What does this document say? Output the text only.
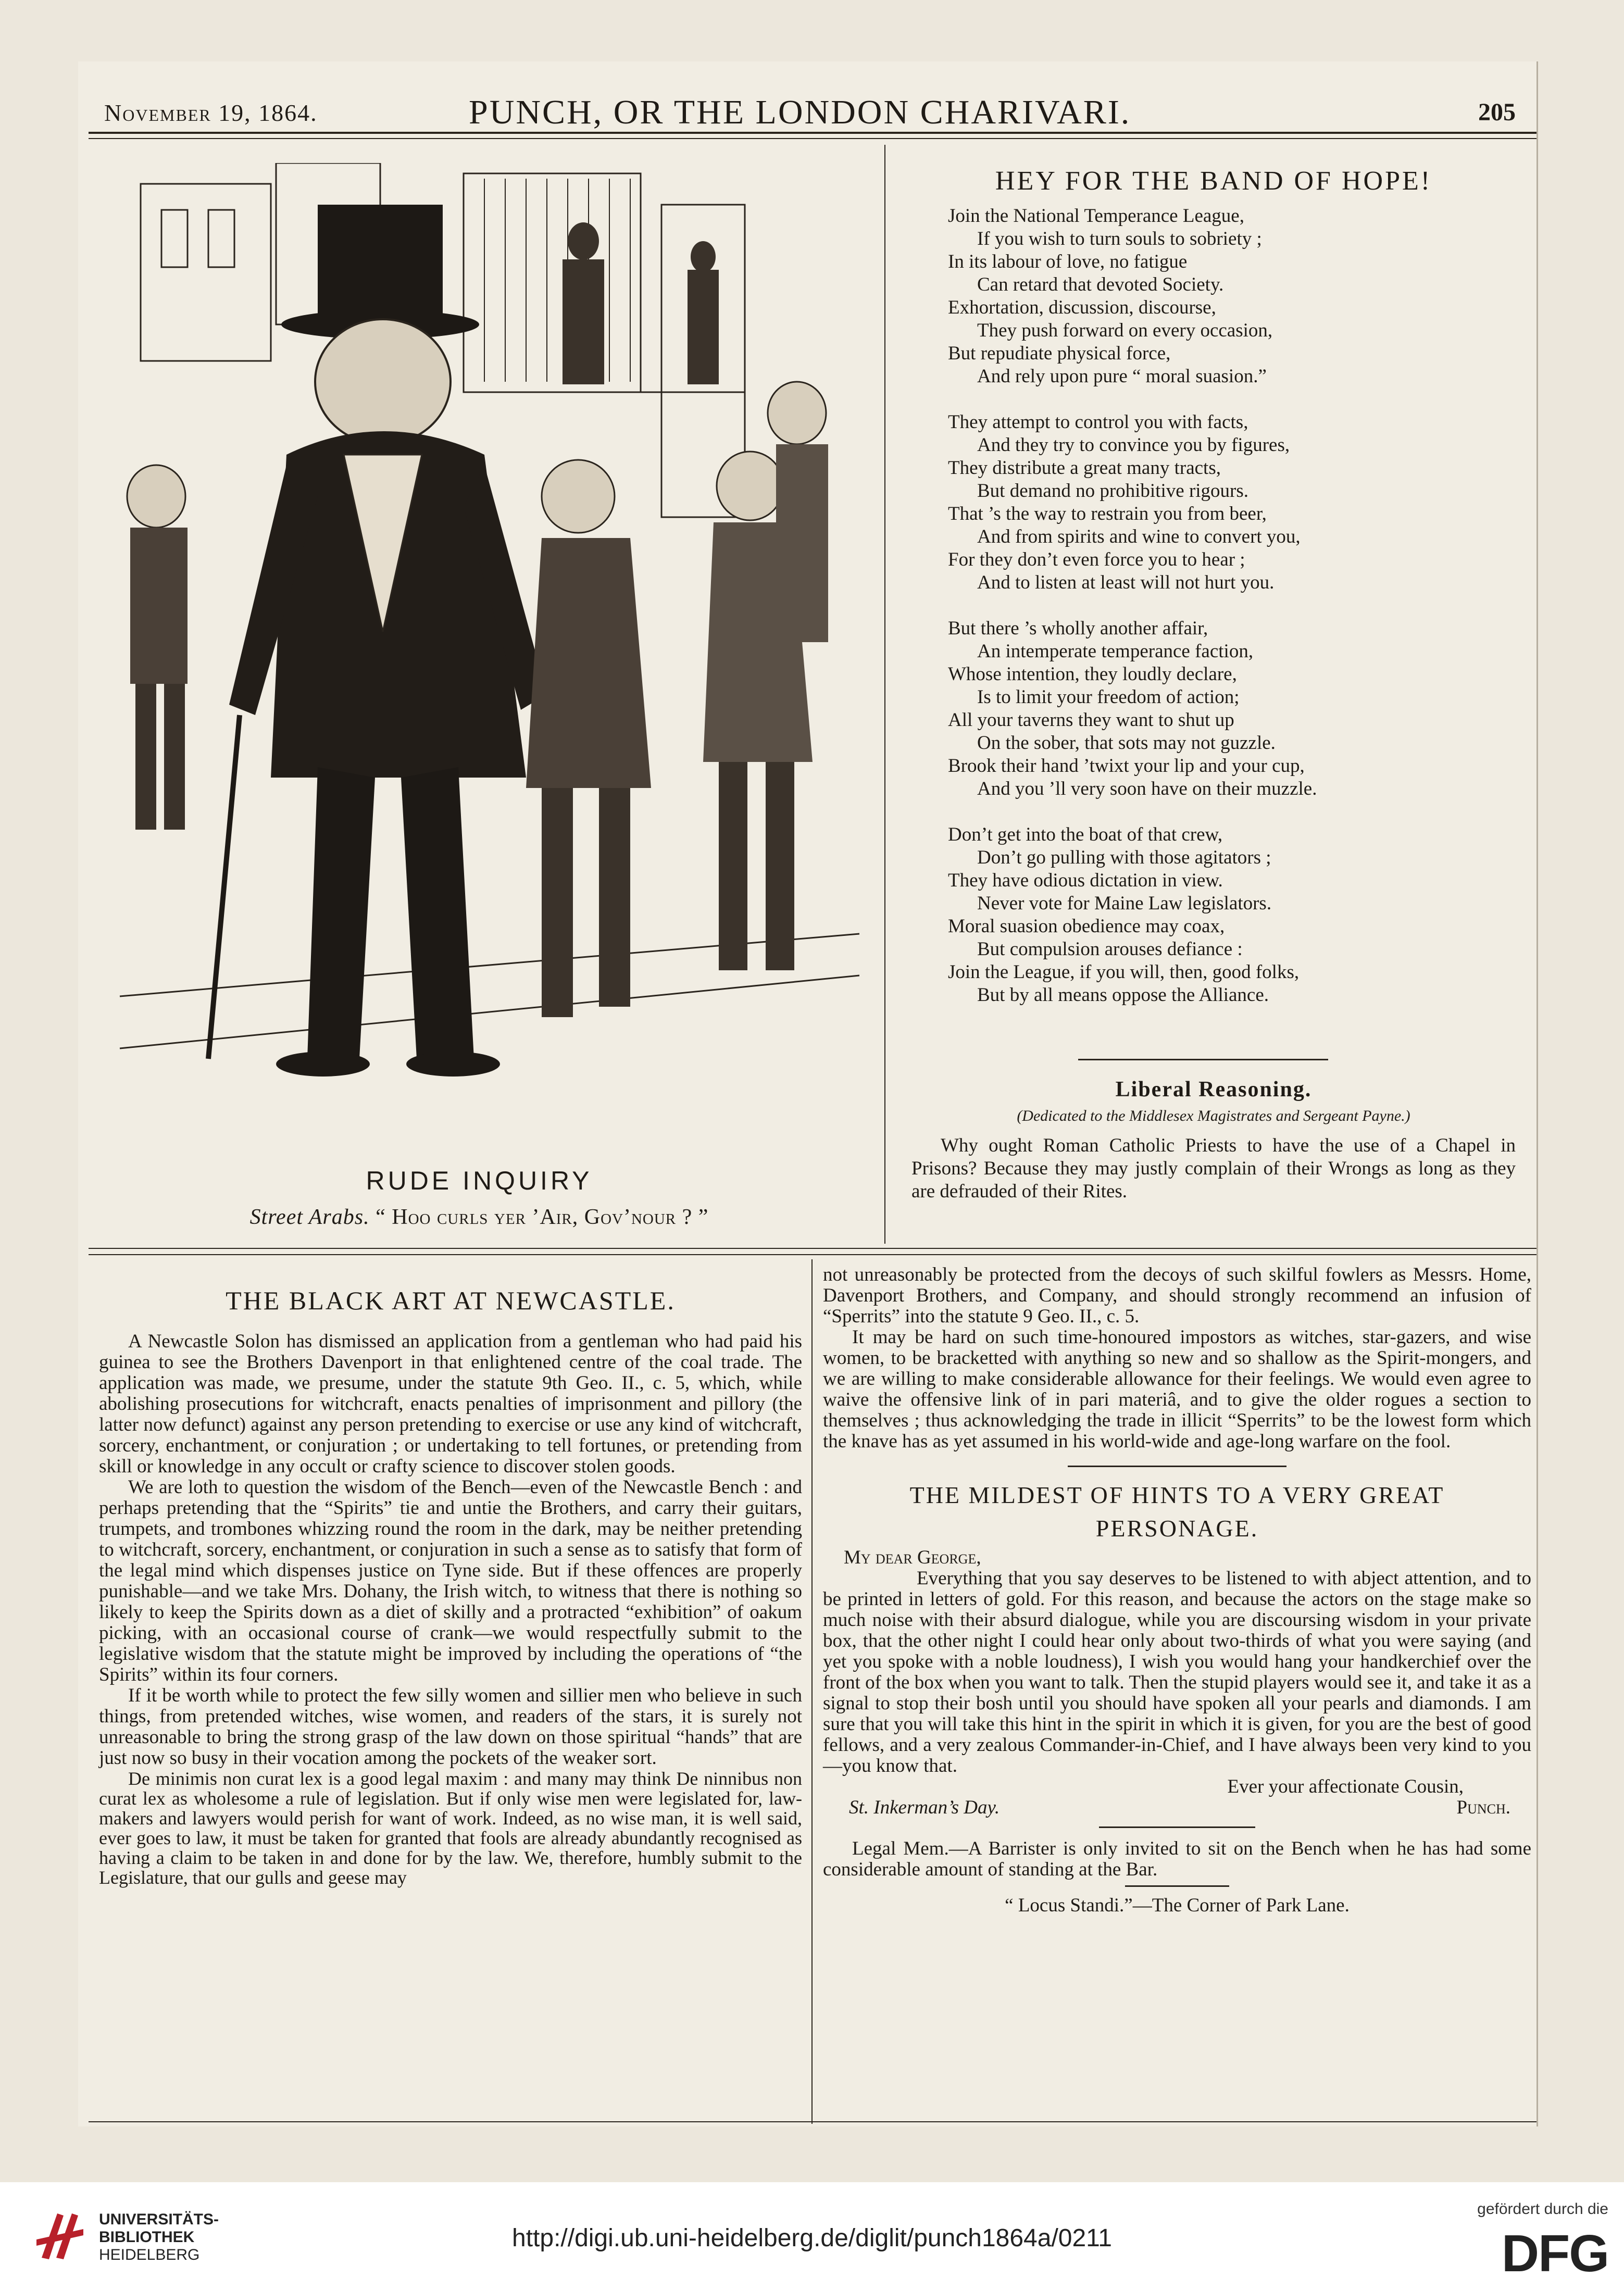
November 19, 1864.	PUNCH, OR THE LONDON CHARIVARI.	205
RUDE INQUIRY
Street Arabs. “ Hoo curls yer ’Air, Gov’nour ? ”
HEY FOR THE BAND OF HOPE!
Join the National Temperance League,
If you wish to turn souls to sobriety ;
In its labour of love, no fatigue
Can retard that devoted Society.
Exhortation, discussion, discourse,
They push forward on every occasion,
But repudiate physical force,
And rely upon pure “ moral suasion.”
They attempt to control you with facts,
And they try to convince you by figures,
They distribute a great many tracts,
But demand no prohibitive rigours.
That ’s the way to restrain you from beer,
And from spirits and wine to convert you,
For they don’t even force you to hear ;
And to listen at least will not hurt you.
But there ’s wholly another affair,
An intemperate temperance faction,
Whose intention, they loudly declare,
Is to limit your freedom of action;
All your taverns they want to shut up
On the sober, that sots may not guzzle.
Brook their hand ’twixt your lip and your cup,
And you ’ll very soon have on their muzzle.
Don’t get into the boat of that crew,
Don’t go pulling with those agitators ;
They have odious dictation in view.
Never vote for Maine Law legislators.
Moral suasion obedience may coax,
But compulsion arouses defiance :
Join the League, if you will, then, good folks,
But by all means oppose the Alliance.
Liberal Reasoning.
(Dedicated to the Middlesex Magistrates and Sergeant Payne.)
Why ought Roman Catholic Priests to have the use of a Chapel in Prisons? Because they may justly complain of their Wrongs as long as they are defrauded of their Rites.
THE BLACK ART AT NEWCASTLE.

A Newcastle Solon has dismissed an application from a gentleman who had paid his guinea to see the Brothers Davenport in that enlightened centre of the coal trade. The application was made, we presume, under the statute 9th Geo. II., c. 5, which, while abolishing prosecutions for witchcraft, enacts penalties of imprisonment and pillory (the latter now defunct) against any person pretending to exercise or use any kind of witchcraft, sorcery, enchantment, or conjuration ; or undertaking to tell fortunes, or pretending from skill or knowledge in any occult or crafty science to discover stolen goods.

We are loth to question the wisdom of the Bench—even of the Newcastle Bench : and perhaps pretending that the “Spirits” tie and untie the Brothers, and carry their guitars, trumpets, and trombones whizzing round the room in the dark, may be neither pretending to witchcraft, sorcery, enchantment, or conjuration in such a sense as to satisfy that form of the legal mind which dispenses justice on Tyne side. But if these offences are properly punishable—and we take Mrs. Dohany, the Irish witch, to witness that there is nothing so likely to keep the Spirits down as a diet of skilly and a protracted “exhibition” of oakum picking, with an occasional course of crank—we would respectfully submit to the legislative wisdom that the statute might be improved by including the operations of “the Spirits” within its four corners.

If it be worth while to protect the few silly women and sillier men who believe in such things, from pretended witches, wise women, and readers of the stars, it is surely not unreasonable to bring the strong grasp of the law down on those spiritual “hands” that are just now so busy in their vocation among the pockets of the weaker sort.

De minimis non curat lex is a good legal maxim : and many may think De ninnibus non curat lex as wholesome a rule of legislation. But if only wise men were legislated for, law-makers and lawyers would perish for want of work. Indeed, as no wise man, it is well said, ever goes to law, it must be taken for granted that fools are already abundantly recognised as having a claim to be taken in and done for by the law. We, therefore, humbly submit to the Legislature, that our gulls and geese may

not unreasonably be protected from the decoys of such skilful fowlers as Messrs. Home, Davenport Brothers, and Company, and should strongly recommend an infusion of “Sperrits” into the statute 9 Geo. II., c. 5.

It may be hard on such time-honoured impostors as witches, star-gazers, and wise women, to be bracketted with anything so new and so shallow as the Spirit-mongers, and we are willing to make considerable allowance for their feelings. We would even agree to waive the offensive link of in pari materiâ, and to give the older rogues a section to themselves ; thus acknowledging the trade in illicit “Sperrits” to be the lowest form which the knave has as yet assumed in his world-wide and age-long warfare on the fool.

THE MILDEST OF HINTS TO A VERY GREAT
PERSONAGE.
My dear George,

Everything that you say deserves to be listened to with abject attention, and to be printed in letters of gold. For this reason, and because the actors on the stage make so much noise with their absurd dialogue, while you are discoursing wisdom in your private box, that the other night I could hear only about two-thirds of what you were saying (and yet you spoke with a noble loudness), I wish you would hang your handkerchief over the front of the box when you want to talk. Then the stupid players would see it, and take it as a signal to stop their bosh until you should have spoken all your pearls and diamonds. I am sure that you will take this hint in the spirit in which it is given, for you are the best of good fellows, and a very zealous Commander-in-Chief, and I have always been very kind to you—you know that.

Ever your affectionate Cousin,
St. Inkerman’s Day.	Punch.

Legal Mem.—A Barrister is only invited to sit on the Bench when he has had some considerable amount of standing at the Bar.

“ Locus Standi.”—The Corner of Park Lane.
UNIVERSITÄTS-
BIBLIOTHEK
HEIDELBERG
http://digi.ub.uni-heidelberg.de/diglit/punch1864a/0211
gefördert durch die
DFG
